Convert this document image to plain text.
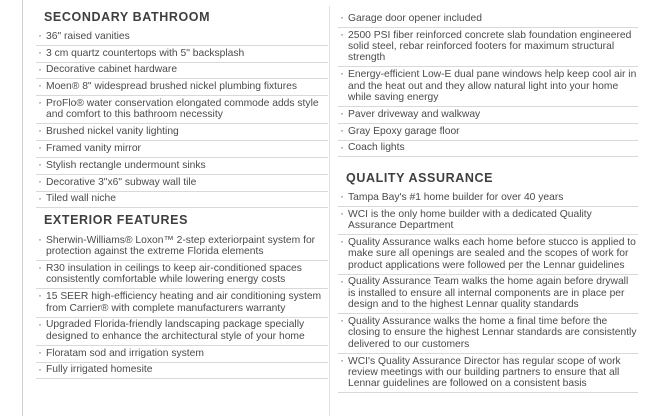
SECONDARY BATHROOM
· 36" raised vanities
· 3 cm quartz countertops with 5" backsplash
· Decorative cabinet hardware
· Moen® 8" widespread brushed nickel plumbing fixtures
· ProFlo® water conservation elongated commode adds style and comfort to this bathroom necessity
· Brushed nickel vanity lighting
· Framed vanity mirror
· Stylish rectangle undermount sinks
· Decorative 3"x6" subway wall tile
· Tiled wall niche
EXTERIOR FEATURES
· Sherwin-Williams® Loxon™ 2-step exteriorpaint system for protection against the extreme Florida elements
· R30 insulation in ceilings to keep air-conditioned spaces consistently comfortable while lowering energy costs
· 15 SEER high-efficiency heating and air conditioning system from Carrier® with complete manufacturers warranty
· Upgraded Florida-friendly landscaping package specially designed to enhance the architectural style of your home
· Floratam sod and irrigation system
· Fully irrigated homesite
· Garage door opener included
· 2500 PSI fiber reinforced concrete slab foundation engineered solid steel, rebar reinforced footers for maximum structural strength
· Energy-efficient Low-E dual pane windows help keep cool air in and the heat out and they allow natural light into your home while saving energy
· Paver driveway and walkway
· Gray Epoxy garage floor
· Coach lights
QUALITY ASSURANCE
· Tampa Bay's #1 home builder for over 40 years
· WCI is the only home builder with a dedicated Quality Assurance Department
· Quality Assurance walks each home before stucco is applied to make sure all openings are sealed and the scopes of work for product applications were followed per the Lennar guidelines
· Quality Assurance Team walks the home again before drywall is installed to ensure all internal components are in place per design and to the highest Lennar quality standards
· Quality Assurance walks the home a final time before the closing to ensure the highest Lennar standards are consistently delivered to our customers
· WCI's Quality Assurance Director has regular scope of work review meetings with our building partners to ensure that all Lennar guidelines are followed on a consistent basis
